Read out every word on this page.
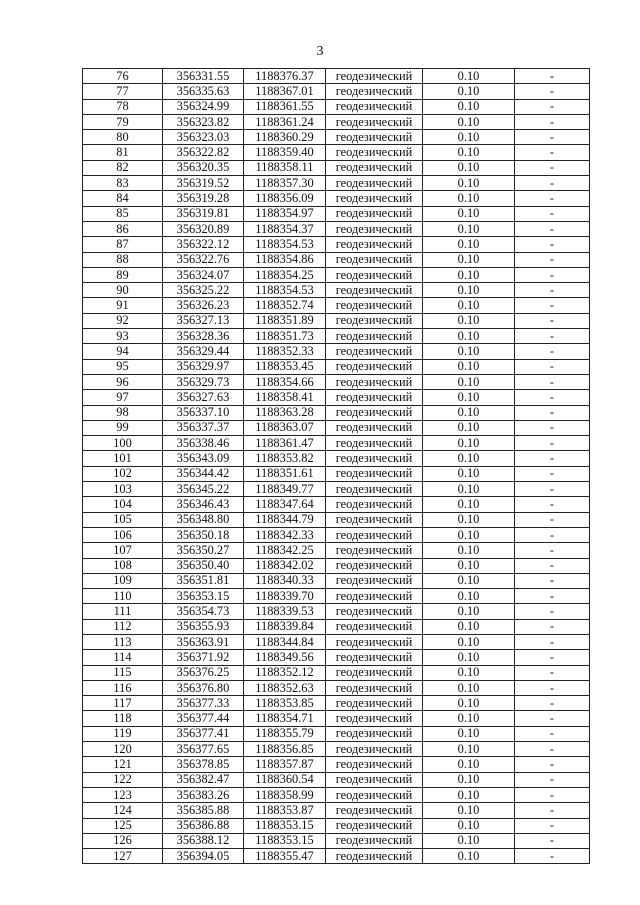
3
76	356331.55	1188376.37	геодезический	0.10	-
77	356335.63	1188367.01	геодезический	0.10	-
78	356324.99	1188361.55	геодезический	0.10	-
79	356323.82	1188361.24	геодезический	0.10	-
80	356323.03	1188360.29	геодезический	0.10	-
81	356322.82	1188359.40	геодезический	0.10	-
82	356320.35	1188358.11	геодезический	0.10	-
83	356319.52	1188357.30	геодезический	0.10	-
84	356319.28	1188356.09	геодезический	0.10	-
85	356319.81	1188354.97	геодезический	0.10	-
86	356320.89	1188354.37	геодезический	0.10	-
87	356322.12	1188354.53	геодезический	0.10	-
88	356322.76	1188354.86	геодезический	0.10	-
89	356324.07	1188354.25	геодезический	0.10	-
90	356325.22	1188354.53	геодезический	0.10	-
91	356326.23	1188352.74	геодезический	0.10	-
92	356327.13	1188351.89	геодезический	0.10	-
93	356328.36	1188351.73	геодезический	0.10	-
94	356329.44	1188352.33	геодезический	0.10	-
95	356329.97	1188353.45	геодезический	0.10	-
96	356329.73	1188354.66	геодезический	0.10	-
97	356327.63	1188358.41	геодезический	0.10	-
98	356337.10	1188363.28	геодезический	0.10	-
99	356337.37	1188363.07	геодезический	0.10	-
100	356338.46	1188361.47	геодезический	0.10	-
101	356343.09	1188353.82	геодезический	0.10	-
102	356344.42	1188351.61	геодезический	0.10	-
103	356345.22	1188349.77	геодезический	0.10	-
104	356346.43	1188347.64	геодезический	0.10	-
105	356348.80	1188344.79	геодезический	0.10	-
106	356350.18	1188342.33	геодезический	0.10	-
107	356350.27	1188342.25	геодезический	0.10	-
108	356350.40	1188342.02	геодезический	0.10	-
109	356351.81	1188340.33	геодезический	0.10	-
110	356353.15	1188339.70	геодезический	0.10	-
111	356354.73	1188339.53	геодезический	0.10	-
112	356355.93	1188339.84	геодезический	0.10	-
113	356363.91	1188344.84	геодезический	0.10	-
114	356371.92	1188349.56	геодезический	0.10	-
115	356376.25	1188352.12	геодезический	0.10	-
116	356376.80	1188352.63	геодезический	0.10	-
117	356377.33	1188353.85	геодезический	0.10	-
118	356377.44	1188354.71	геодезический	0.10	-
119	356377.41	1188355.79	геодезический	0.10	-
120	356377.65	1188356.85	геодезический	0.10	-
121	356378.85	1188357.87	геодезический	0.10	-
122	356382.47	1188360.54	геодезический	0.10	-
123	356383.26	1188358.99	геодезический	0.10	-
124	356385.88	1188353.87	геодезический	0.10	-
125	356386.88	1188353.15	геодезический	0.10	-
126	356388.12	1188353.15	геодезический	0.10	-
127	356394.05	1188355.47	геодезический	0.10	-
